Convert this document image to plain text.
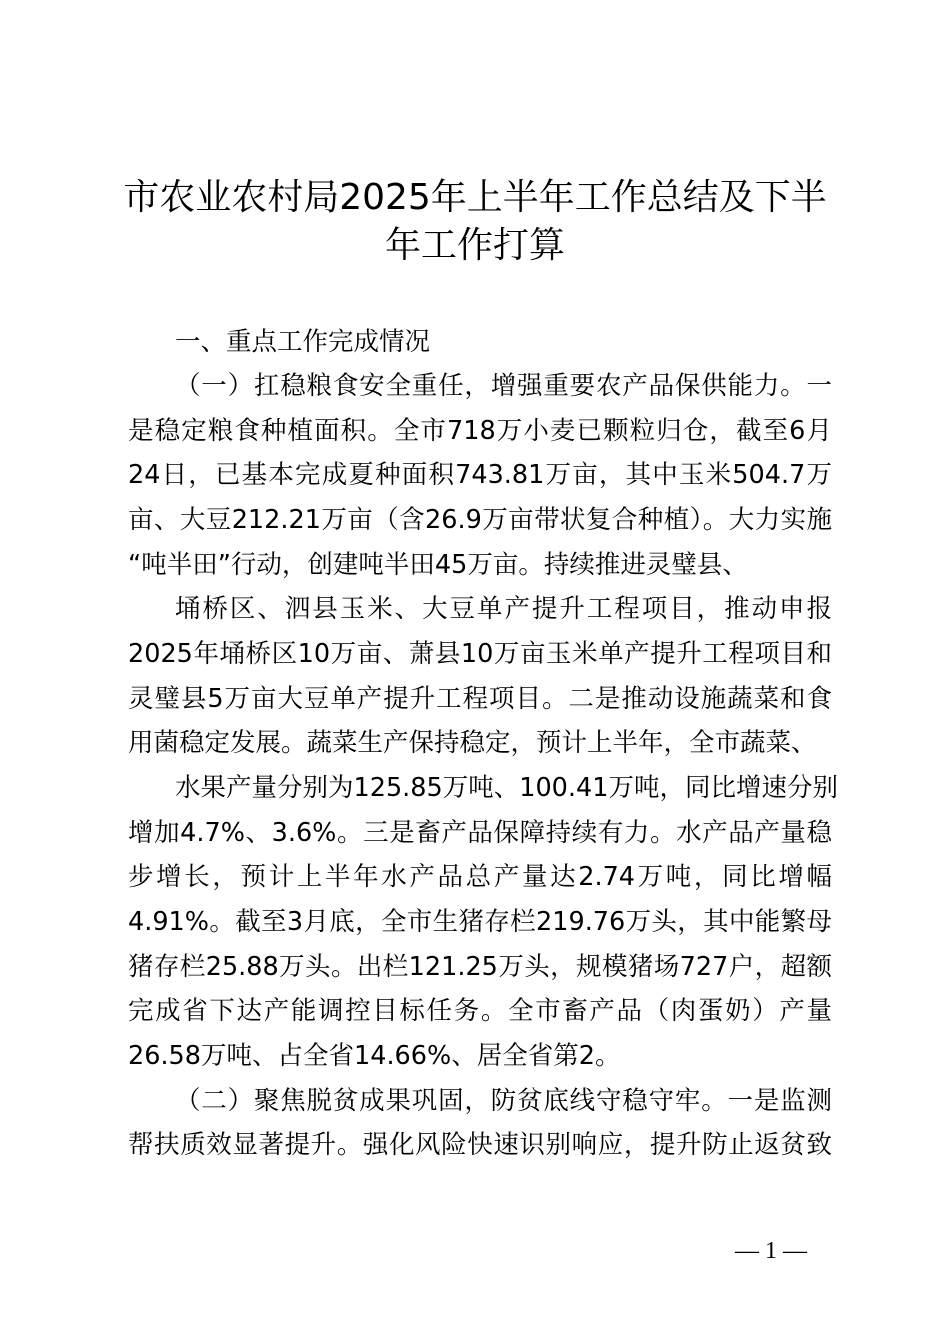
市农业农村局2025年上半年工作总结及下半
年工作打算
一、重点工作完成情况
（一）扛稳粮食安全重任，增强重要农产品保供能力。一
是稳定粮食种植面积。全市718万小麦已颗粒归仓，截至6月
24日，已基本完成夏种面积743.81万亩，其中玉米504.7万
亩、大豆212.21万亩（含26.9万亩带状复合种植）。大力实施
“吨半田”行动，创建吨半田45万亩。持续推进灵璧县、
埇桥区、泗县玉米、大豆单产提升工程项目，推动申报
2025年埇桥区10万亩、萧县10万亩玉米单产提升工程项目和
灵璧县5万亩大豆单产提升工程项目。二是推动设施蔬菜和食
用菌稳定发展。蔬菜生产保持稳定，预计上半年，全市蔬菜、
水果产量分别为125.85万吨、100.41万吨，同比增速分别
增加4.7%、3.6%。三是畜产品保障持续有力。水产品产量稳
步增长，预计上半年水产品总产量达2.74万吨，同比增幅
4.91%。截至3月底，全市生猪存栏219.76万头，其中能繁母
猪存栏25.88万头。出栏121.25万头，规模猪场727户，超额
完成省下达产能调控目标任务。全市畜产品（肉蛋奶）产量
26.58万吨、占全省14.66%、居全省第2。
（二）聚焦脱贫成果巩固，防贫底线守稳守牢。一是监测
帮扶质效显著提升。强化风险快速识别响应，提升防止返贫致
— 1 —
